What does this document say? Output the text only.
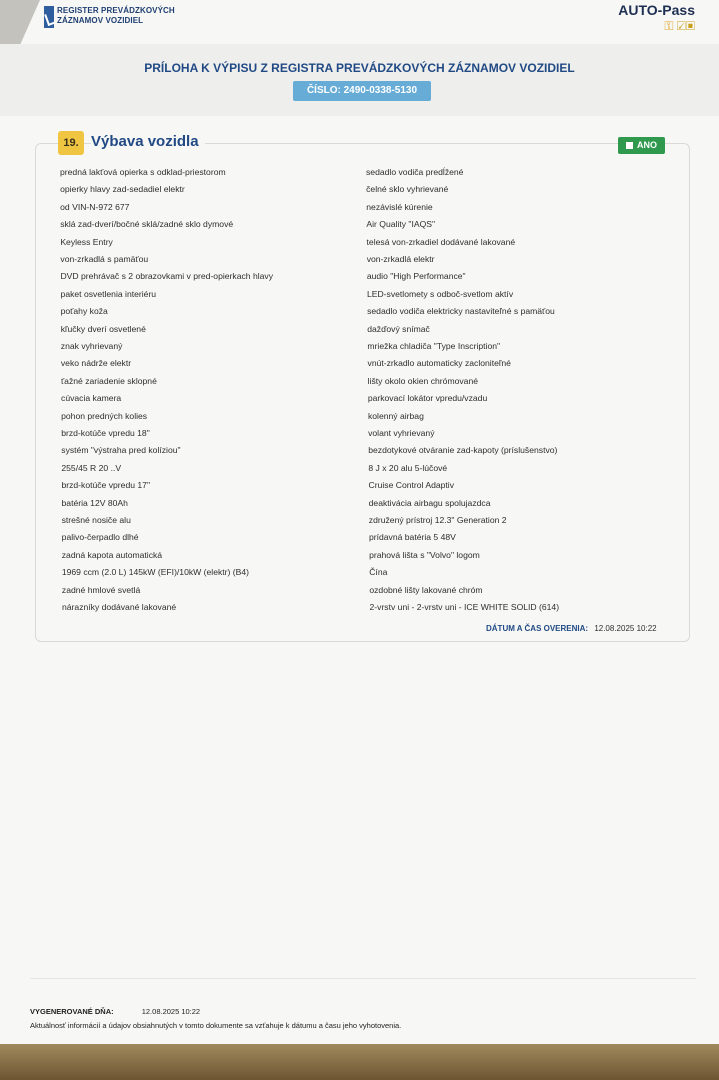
REGISTER PREVÁDZKOVÝCH
ZÁZNAMOV VOZIDIEL
AUTO-Pass
⚿ ☑▣
PRÍLOHA K VÝPISU Z REGISTRA PREVÁDZKOVÝCH ZÁZNAMOV VOZIDIEL
ČÍSLO: 2490-0338-5130
19. Výbava vozidla	ANO
DÁTUM A ČAS OVERENIA: 12.08.2025 10:22
VYGENEROVANÉ DŇA:	12.08.2025 10:22
Aktuálnosť informácií a údajov obsiahnutých v tomto dokumente sa vzťahuje k dátumu a času jeho vyhotovenia.
predná lakťová opierka s odklad-priestorom
opierky hlavy zad-sedadiel elektr
od VIN-N-972 677
sklá zad-dverí/bočné sklá/zadné sklo dymové
Keyless Entry
von-zrkadlá s pamäťou
DVD prehrávač s 2 obrazovkami v pred-opierkach hlavy
paket osvetlenia interiéru
poťahy koža
kľučky dverí osvetlené
znak vyhrievaný
veko nádrže elektr
ťažné zariadenie sklopné
cúvacia kamera
pohon predných kolies
brzd-kotúče vpredu 18"
systém "výstraha pred kolíziou"
255/45 R 20 ..V
brzd-kotúče vpredu 17"
batéria 12V 80Ah
strešné nosiče alu
palivo-čerpadlo dlhé
zadná kapota automatická
1969 ccm (2.0 L) 145kW (EFI)/10kW (elektr) (B4)
zadné hmlové svetlá
nárazníky dodávané lakované
sedadlo vodiča predĺžené
čelné sklo vyhrievané
nezávislé kúrenie
Air Quality "IAQS"
telesá von-zrkadiel dodávané lakované
von-zrkadlá elektr
audio "High Performance"
LED-svetlomety s odboč-svetlom aktív
sedadlo vodiča elektricky nastaviteľné s pamäťou
dažďový snímač
mriežka chladiča "Type Inscription"
vnút-zrkadlo automaticky zacloniteľné
lišty okolo okien chrómované
parkovací lokátor vpredu/vzadu
kolenný airbag
volant vyhrievaný
bezdotykové otváranie zad-kapoty (príslušenstvo)
8 J x 20 alu 5-lúčové
Cruise Control Adaptiv
deaktivácia airbagu spolujazdca
združený prístroj 12.3" Generation 2
prídavná batéria 5 48V
prahová lišta s "Volvo" logom
Čína
ozdobné lišty lakované chróm
2-vrstv uni - 2-vrstv uni - ICE WHITE SOLID (614)
